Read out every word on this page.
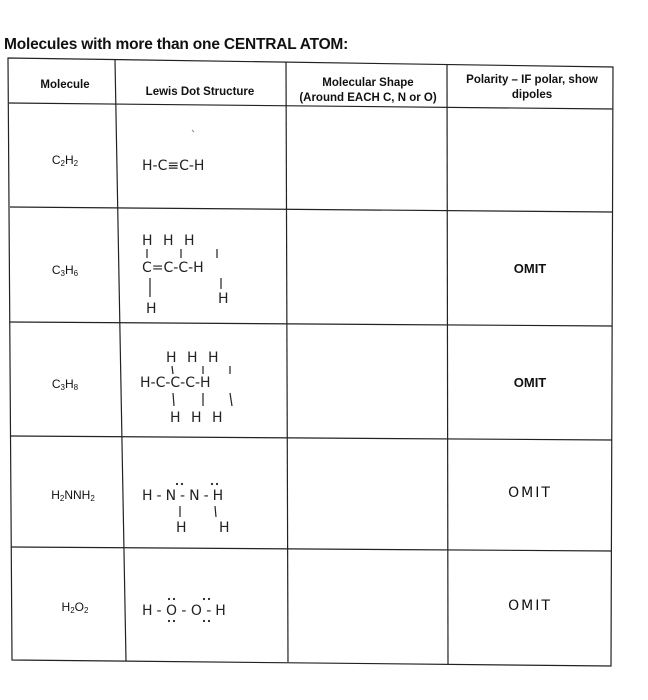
Molecules with more than one CENTRAL ATOM:
Molecule
Lewis Dot Structure
Molecular Shape
(Around EACH C, N or O)
Polarity – IF polar, show
dipoles
$C_2H_2$
$C_3H_6$
$C_3H_8$
$H_2NNH_2$
$H_2O_2$
H-C≡C-H
H H H
C=C-C-H
H
H
H H H
H-C-C-C-H
H H H
H-N-N-H
H H
H-O-O-H
OMIT
OMIT
OMIT
OMIT
